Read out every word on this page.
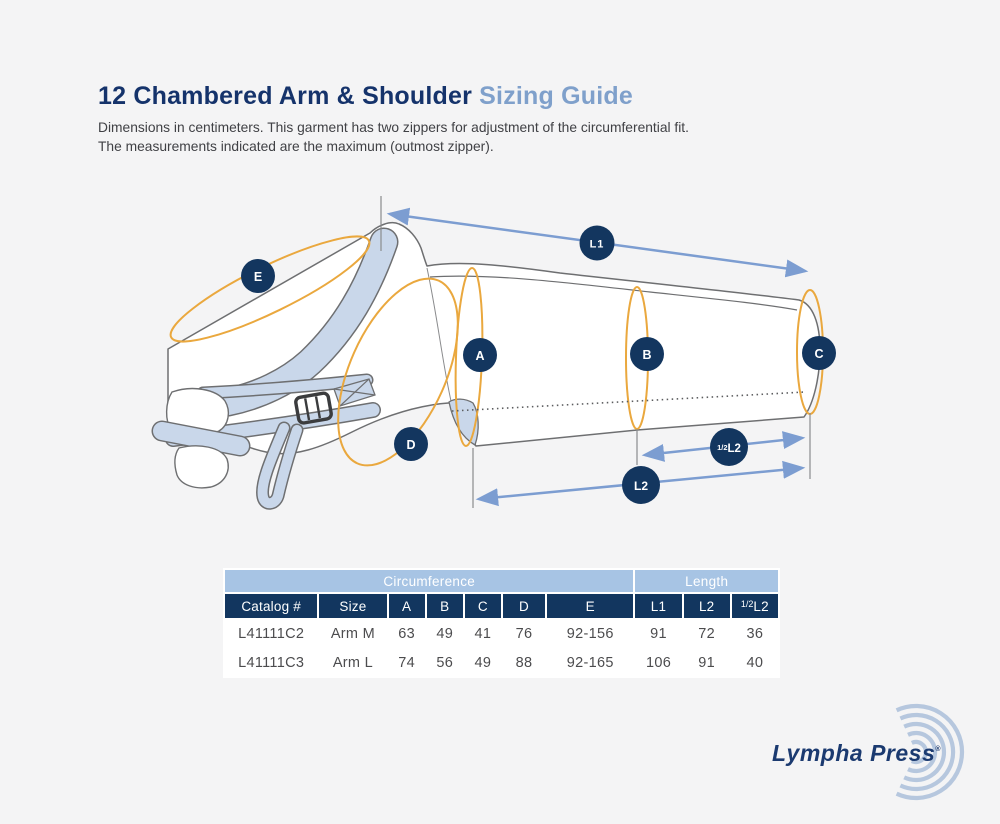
12 Chambered Arm & Shoulder Sizing Guide
Dimensions in centimeters. This garment has two zippers for adjustment of the circumferential fit.
The measurements indicated are the maximum (outmost zipper).
E
A	B	C
D
L1
1/2L2
L2
Lympha Press®
Circumference							Length		
Catalog #	Size	A	B	C	D	E	L1	L2	$^{1/2}$L2
L41111C2	Arm M	63	49	41	76	92-156	91	72	36
L41111C3	Arm L	74	56	49	88	92-165	106	91	40
